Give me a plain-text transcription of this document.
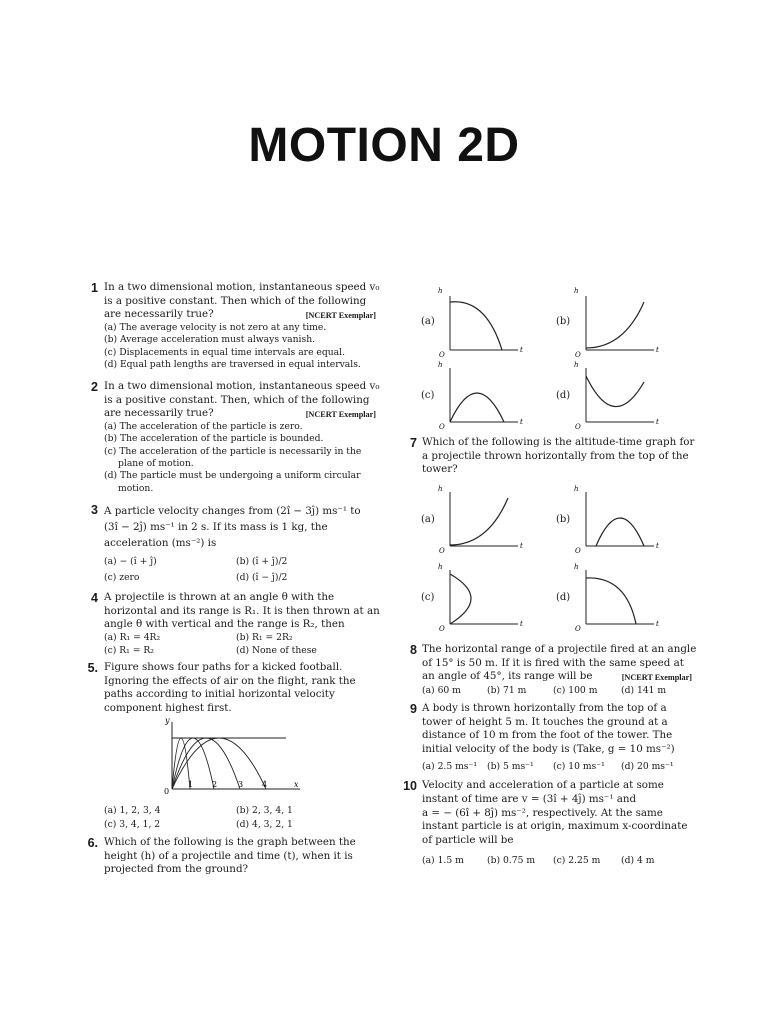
MOTION 2D
1 In a two dimensional motion, instantaneous speed v₀
is a positive constant. Then which of the following
are necessarily true?	[NCERT Exemplar]
(a) The average velocity is not zero at any time.
(b) Average acceleration must always vanish.
(c) Displacements in equal time intervals are equal.
(d) Equal path lengths are traversed in equal intervals.
2 In a two dimensional motion, instantaneous speed v₀
is a positive constant. Then, which of the following
are necessarily true?	[NCERT Exemplar]
(a) The acceleration of the particle is zero.
(b) The acceleration of the particle is bounded.
(c) The acceleration of the particle is necessarily in the
plane of motion.
(d) The particle must be undergoing a uniform circular
motion.
3 A particle velocity changes from (2î − 3ĵ) ms⁻¹ to
(3î − 2ĵ) ms⁻¹ in 2 s. If its mass is 1 kg, the
acceleration (ms⁻²) is
(a) − (î + ĵ)	(b) (î + ĵ)/2
(c) zero	(d) (î − ĵ)/2
4 A projectile is thrown at an angle θ with the
horizontal and its range is R₁. It is then thrown at an
angle θ with vertical and the range is R₂, then
(a) R₁ = 4R₂	(b) R₁ = 2R₂
(c) R₁ = R₂	(d) None of these
5. Figure shows four paths for a kicked football.
Ignoring the effects of air on the flight, rank the
paths according to initial horizontal velocity
component highest first.
y
x
0
1 2	3 4
(a) 1, 2, 3, 4	(b) 2, 3, 4, 1
(c) 3, 4, 1, 2	(d) 4, 3, 2, 1
6. Which of the following is the graph between the
height (h) of a projectile and time (t), when it is
projected from the ground?
(a)
h
t
O
(b)
h
t
O
(c)
h
t
O
(d)
h
t
O
7 Which of the following is the altitude-time graph for
a projectile thrown horizontally from the top of the
tower?
(a)
h
t
O
(b)
h
t
O
(c)
h
t
O
(d)
h
t
O
8 The horizontal range of a projectile fired at an angle
of 15° is 50 m. If it is fired with the same speed at
an angle of 45°, its range will be	[NCERT Exemplar]
(a) 60 m	(b) 71 m	(c) 100 m	(d) 141 m
9 A body is thrown horizontally from the top of a
tower of height 5 m. It touches the ground at a
distance of 10 m from the foot of the tower. The
initial velocity of the body is (Take, g = 10 ms⁻²)
(a) 2.5 ms⁻¹ (b) 5 ms⁻¹ (c) 10 ms⁻¹ (d) 20 ms⁻¹
10 Velocity and acceleration of a particle at some
instant of time are v = (3î + 4ĵ) ms⁻¹ and
a = − (6î + 8ĵ) ms⁻², respectively. At the same
instant particle is at origin, maximum x-coordinate
of particle will be
(a) 1.5 m	(b) 0.75 m (c) 2.25 m (d) 4 m
